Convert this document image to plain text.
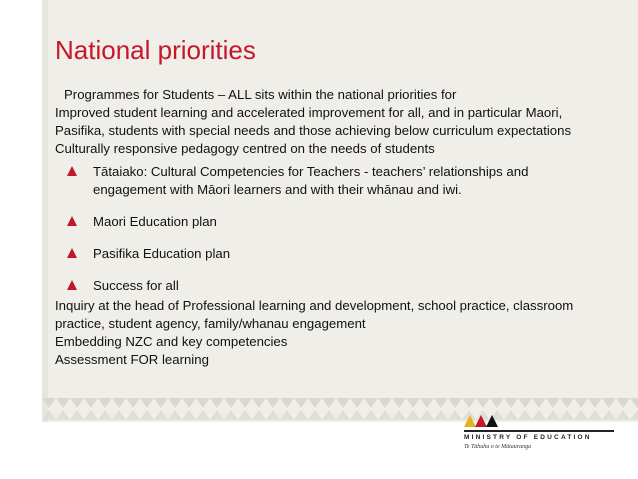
National priorities

Programmes for Students – ALL sits within the national priorities for

Improved student learning and accelerated improvement for all, and in particular Maori, Pasifika, students with special needs and those achieving below curriculum expectations

Culturally responsive pedagogy centred on the needs of students

Tātaiako: Cultural Competencies for Teachers - teachers’ relationships and engagement with Māori learners and with their whānau and iwi.
Maori Education plan
Pasifika Education plan
Success for all

Inquiry at the head of Professional learning and development, school practice, classroom practice, student agency, family/whanau engagement

Embedding NZC and key competencies

Assessment FOR learning

MINISTRY OF EDUCATION
Te Tāhuhu o te Mātauranga
